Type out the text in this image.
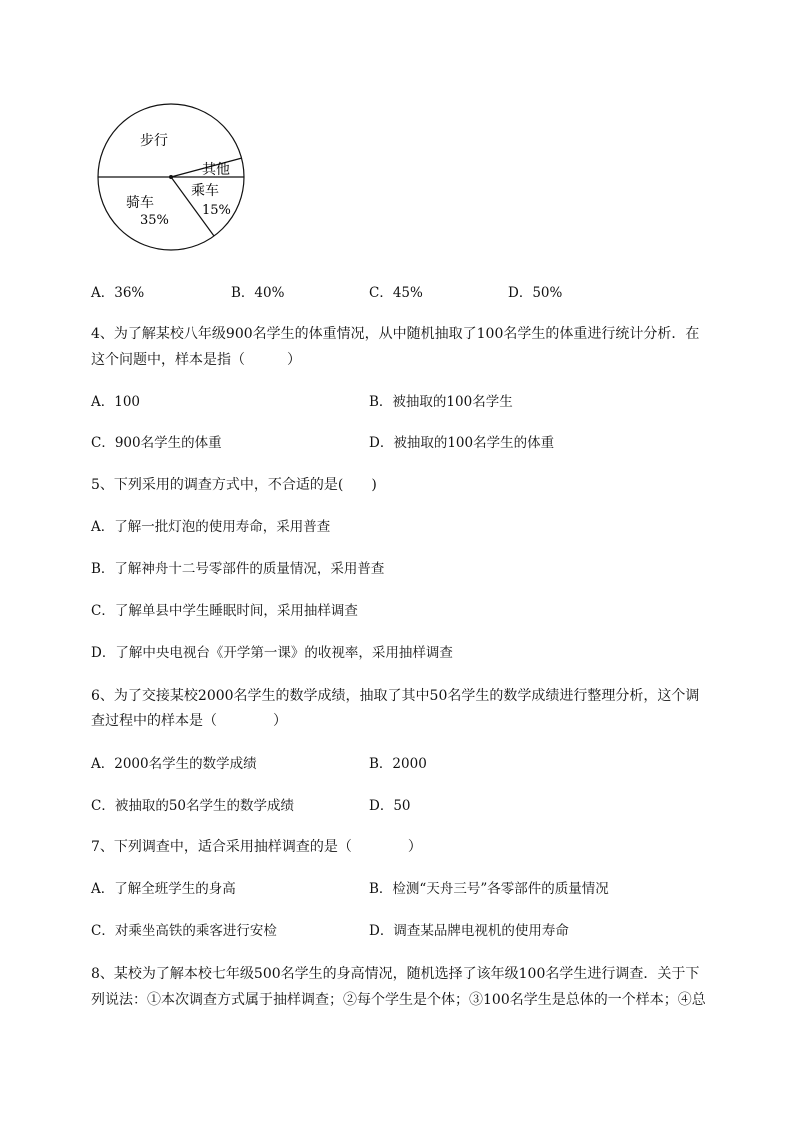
步行
其他
乘车
15%
骑车
35%
A．36%	B．40%	C．45%	D．50%
4、为了解某校八年级900名学生的体重情况，从中随机抽取了100名学生的体重进行统计分析．在
这个问题中，样本是指（　　　）
A．100	B．被抽取的100名学生
C．900名学生的体重	D．被抽取的100名学生的体重
5、下列采用的调查方式中，不合适的是(　　)
A．了解一批灯泡的使用寿命，采用普查
B．了解神舟十二号零部件的质量情况，采用普查
C．了解单县中学生睡眠时间，采用抽样调查
D．了解中央电视台《开学第一课》的收视率，采用抽样调查
6、为了交接某校2000名学生的数学成绩，抽取了其中50名学生的数学成绩进行整理分析，这个调
查过程中的样本是（　　　　）
A．2000名学生的数学成绩	B．2000
C．被抽取的50名学生的数学成绩	D．50
7、下列调查中，适合采用抽样调查的是（　　　　）
A．了解全班学生的身高	B．检测“天舟三号”各零部件的质量情况
C．对乘坐高铁的乘客进行安检	D．调查某品牌电视机的使用寿命
8、某校为了解本校七年级500名学生的身高情况，随机选择了该年级100名学生进行调查．关于下
列说法：①本次调查方式属于抽样调查；②每个学生是个体；③100名学生是总体的一个样本；④总
